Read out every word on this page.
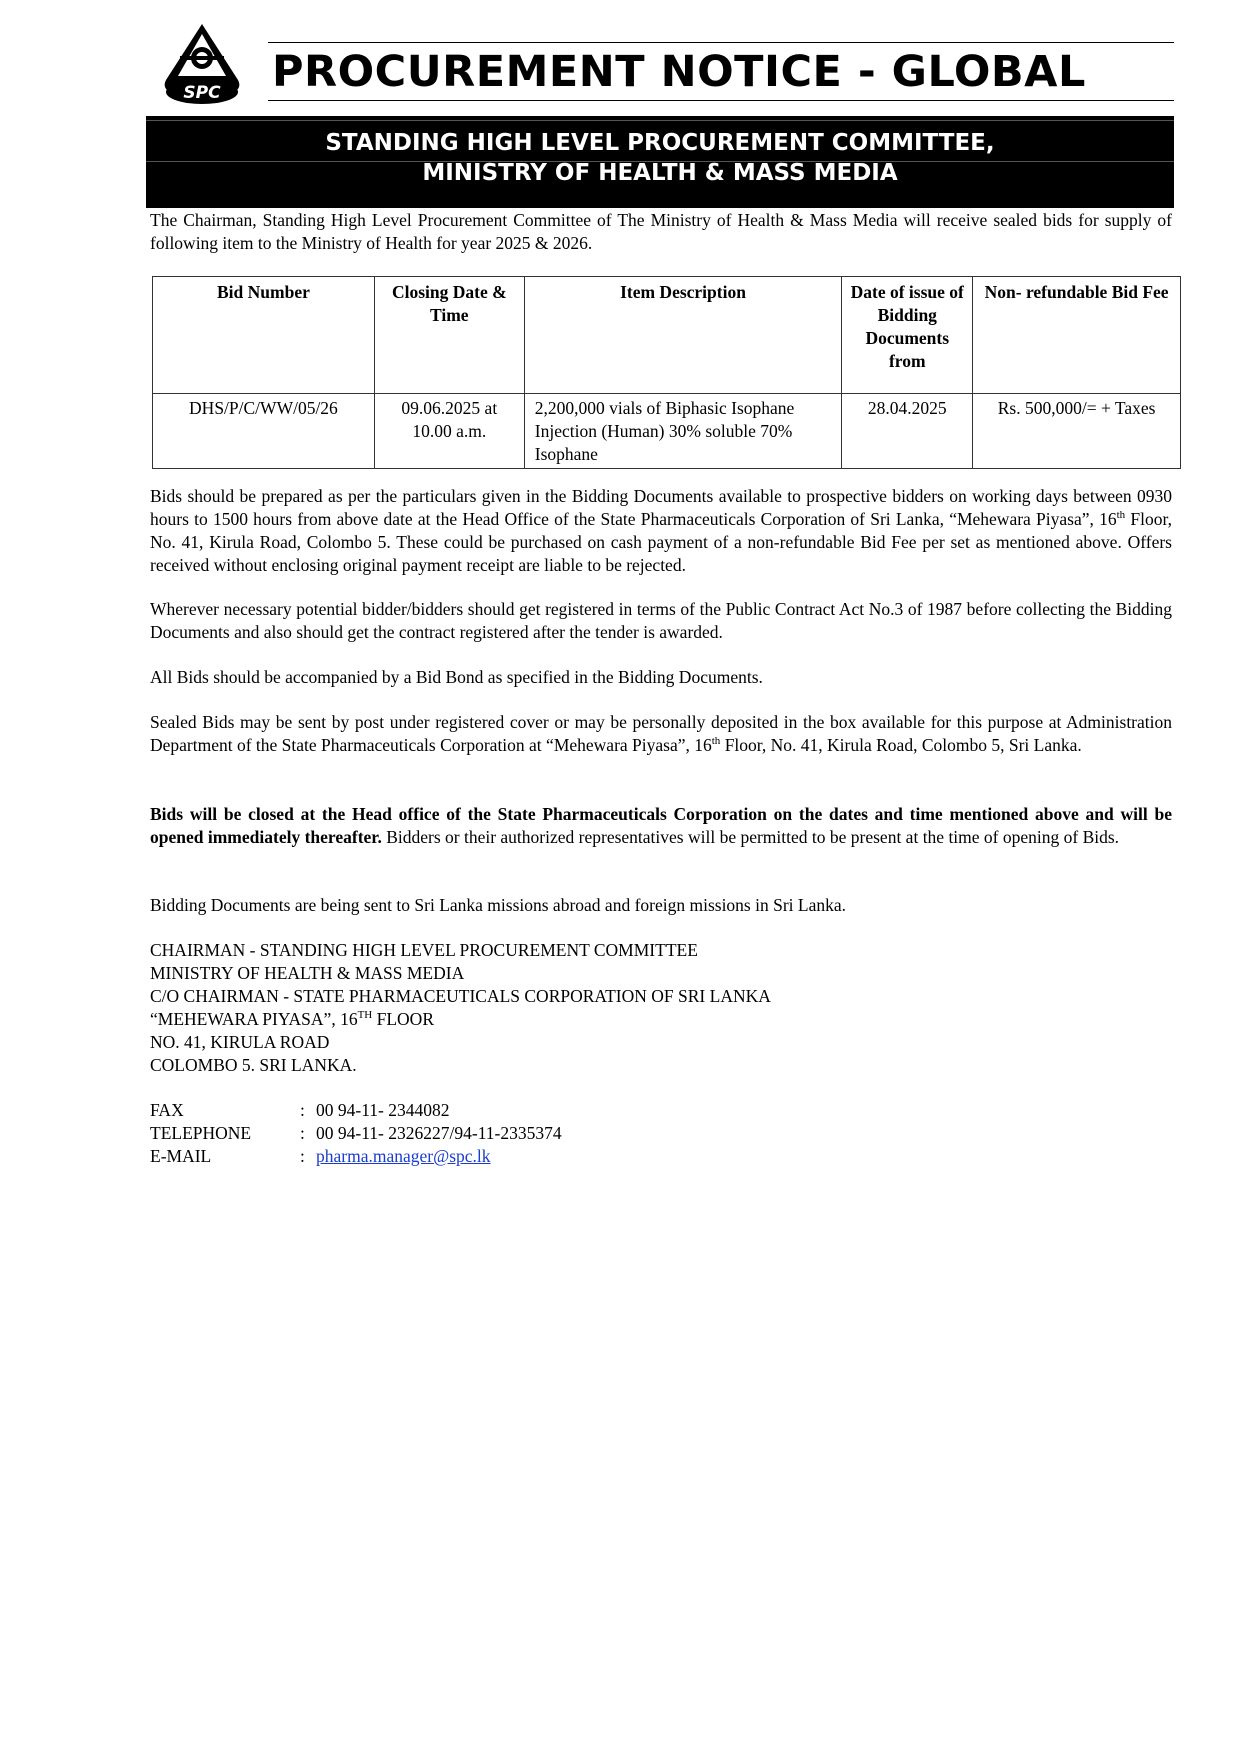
SPC PROCUREMENT NOTICE - GLOBAL
STANDING HIGH LEVEL PROCUREMENT COMMITTEE,
MINISTRY OF HEALTH & MASS MEDIA
The Chairman, Standing High Level Procurement Committee of The Ministry of Health & Mass Media will receive sealed bids for supply of following item to the Ministry of Health for year 2025 & 2026.
Bid Number	Closing Date & Time	Item Description	Date of issue of Bidding Documents from	Non- refundable Bid Fee
DHS/P/C/WW/05/26	09.06.2025 at 10.00 a.m.	2,200,000 vials of Biphasic Isophane Injection (Human) 30% soluble 70% Isophane	28.04.2025	Rs. 500,000/= + Taxes
Bids should be prepared as per the particulars given in the Bidding Documents available to prospective bidders on working days between 0930 hours to 1500 hours from above date at the Head Office of the State Pharmaceuticals Corporation of Sri Lanka, “Mehewara Piyasa”, 16th Floor, No. 41, Kirula Road, Colombo 5. These could be purchased on cash payment of a non-refundable Bid Fee per set as mentioned above. Offers received without enclosing original payment receipt are liable to be rejected.
Wherever necessary potential bidder/bidders should get registered in terms of the Public Contract Act No.3 of 1987 before collecting the Bidding Documents and also should get the contract registered after the tender is awarded.
All Bids should be accompanied by a Bid Bond as specified in the Bidding Documents.
Sealed Bids may be sent by post under registered cover or may be personally deposited in the box available for this purpose at Administration Department of the State Pharmaceuticals Corporation at “Mehewara Piyasa”, 16th Floor, No. 41, Kirula Road, Colombo 5, Sri Lanka.
Bids will be closed at the Head office of the State Pharmaceuticals Corporation on the dates and time mentioned above and will be opened immediately thereafter. Bidders or their authorized representatives will be permitted to be present at the time of opening of Bids.
Bidding Documents are being sent to Sri Lanka missions abroad and foreign missions in Sri Lanka.
CHAIRMAN - STANDING HIGH LEVEL PROCUREMENT COMMITTEE
MINISTRY OF HEALTH & MASS MEDIA
C/O CHAIRMAN - STATE PHARMACEUTICALS CORPORATION OF SRI LANKA
“MEHEWARA PIYASA”, 16TH FLOOR
NO. 41, KIRULA ROAD
COLOMBO 5. SRI LANKA.
FAX	: 00 94-11- 2344082
TELEPHONE	: 00 94-11- 2326227/94-11-2335374
E-MAIL	: pharma.manager@spc.lk
